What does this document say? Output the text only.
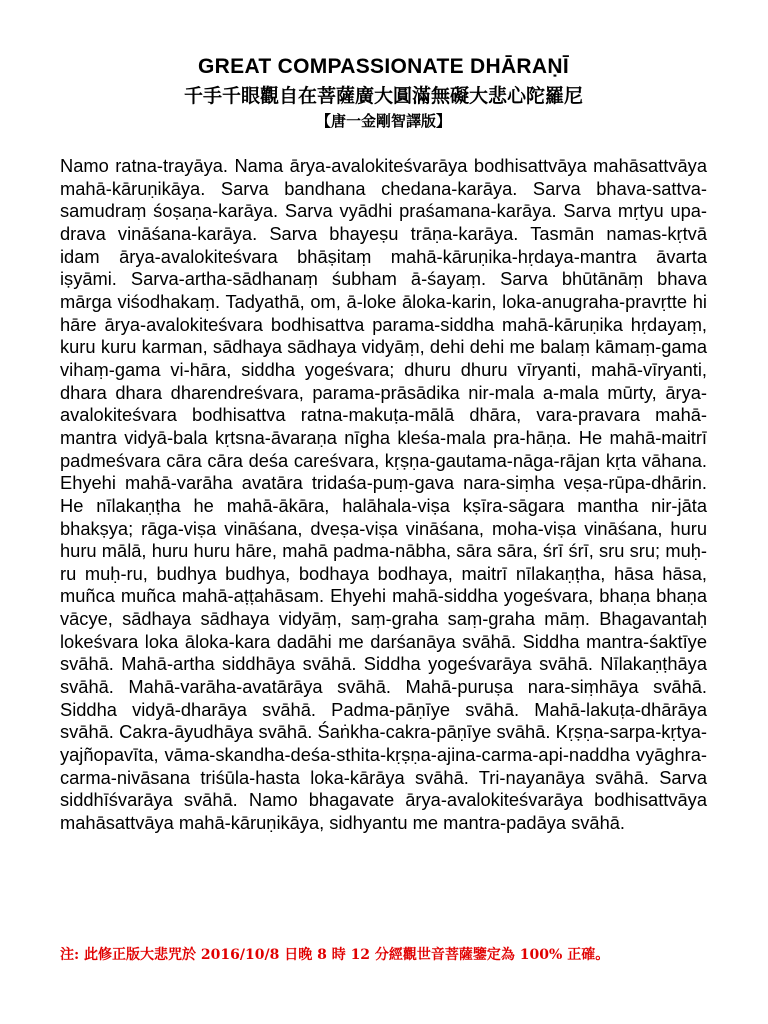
GREAT COMPASSIONATE DHĀRAṆĪ

千手千眼觀自在菩薩廣大圓滿無礙大悲心陀羅尼

【唐一金剛智譯版】

Namo ratna-trayāya. Nama ārya-avalokiteśvarāya bodhisattvāya mahāsattvāya mahā-kāruṇikāya. Sarva bandhana chedana-karāya. Sarva bhava-sattva-samudraṃ śoṣaṇa-karāya. Sarva vyādhi praśamana-karāya. Sarva mṛtyu upa-drava vināśana-karāya. Sarva bhayeṣu trāṇa-karāya. Tasmān namas-kṛtvā idam ārya-avalokiteśvara bhāṣitaṃ mahā-kāruṇika-hṛdaya-mantra āvarta iṣyāmi. Sarva-artha-sādhanaṃ śubham ā-śayaṃ. Sarva bhūtānāṃ bhava mārga viśodhakaṃ. Tadyathā, om, ā-loke āloka-karin, loka-anugraha-pravṛtte hi hāre ārya-avalokiteśvara bodhisattva parama-siddha mahā-kāruṇika hṛdayaṃ, kuru kuru karman, sādhaya sādhaya vidyāṃ, dehi dehi me balaṃ kāmaṃ-gama vihaṃ-gama vi-hāra, siddha yogeśvara; dhuru dhuru vīryanti, mahā-vīryanti, dhara dhara dharendreśvara, parama-prāsādika nir-mala a-mala mūrty, ārya-avalokiteśvara bodhisattva ratna-makuṭa-mālā dhāra, vara-pravara mahā-mantra vidyā-bala kṛtsna-āvaraṇa nīgha kleśa-mala pra-hāṇa. He mahā-maitrī padmeśvara cāra cāra deśa careśvara, kṛṣṇa-gautama-nāga-rājan kṛta vāhana. Ehyehi mahā-varāha avatāra tridaśa-puṃ-gava nara-siṃha veṣa-rūpa-dhārin. He nīlakaṇṭha he mahā-ākāra, halāhala-viṣa kṣīra-sāgara mantha nir-jāta bhakṣya; rāga-viṣa vināśana, dveṣa-viṣa vināśana, moha-viṣa vināśana, huru huru mālā, huru huru hāre, mahā padma-nābha, sāra sāra, śrī śrī, sru sru; muḥ-ru muḥ-ru, budhya budhya, bodhaya bodhaya, maitrī nīlakaṇṭha, hāsa hāsa, muñca muñca mahā-aṭṭahāsam. Ehyehi mahā-siddha yogeśvara, bhaṇa bhaṇa vācye, sādhaya sādhaya vidyāṃ, saṃ-graha saṃ-graha māṃ. Bhagavantaḥ lokeśvara loka āloka-kara dadāhi me darśanāya svāhā. Siddha mantra-śaktīye svāhā. Mahā-artha siddhāya svāhā. Siddha yogeśvarāya svāhā. Nīlakaṇṭhāya svāhā. Mahā-varāha-avatārāya svāhā. Mahā-puruṣa nara-siṃhāya svāhā. Siddha vidyā-dharāya svāhā. Padma-pāṇīye svāhā. Mahā-lakuṭa-dhārāya svāhā. Cakra-āyudhāya svāhā. Śaṅkha-cakra-pāṇīye svāhā. Kṛṣṇa-sarpa-kṛtya-yajñopavīta, vāma-skandha-deśa-sthita-kṛṣṇa-ajina-carma-api-naddha vyāghra-carma-nivāsana triśūla-hasta loka-kārāya svāhā. Tri-nayanāya svāhā. Sarva siddhīśvarāya svāhā. Namo bhagavate ārya-avalokiteśvarāya bodhisattvāya mahāsattvāya mahā-kāruṇikāya, sidhyantu me mantra-padāya svāhā.
注: 此修正版大悲咒於 2016/10/8 日晚 8 時 12 分經觀世音菩薩鑒定為 100% 正確。
